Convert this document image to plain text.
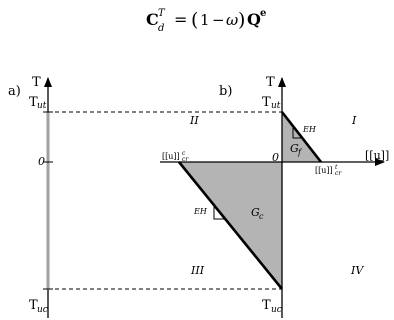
C d
T = ( 1 − ω ) Q e
a)
T
T ut
0
T uc
b)
T
T ut
T uc
0	[[u]]
[[u]] c
cr
[[u]] t
cr
I
II
III	IV
EH
G f
EH	G c
